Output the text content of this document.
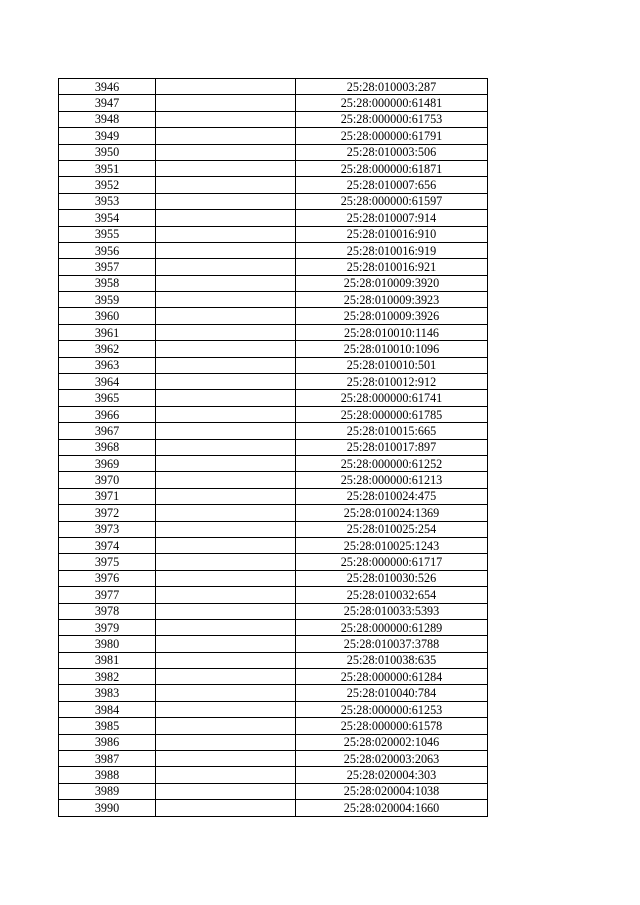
3946		25:28:010003:287
3947		25:28:000000:61481
3948		25:28:000000:61753
3949		25:28:000000:61791
3950		25:28:010003:506
3951		25:28:000000:61871
3952		25:28:010007:656
3953		25:28:000000:61597
3954		25:28:010007:914
3955		25:28:010016:910
3956		25:28:010016:919
3957		25:28:010016:921
3958		25:28:010009:3920
3959		25:28:010009:3923
3960		25:28:010009:3926
3961		25:28:010010:1146
3962		25:28:010010:1096
3963		25:28:010010:501
3964		25:28:010012:912
3965		25:28:000000:61741
3966		25:28:000000:61785
3967		25:28:010015:665
3968		25:28:010017:897
3969		25:28:000000:61252
3970		25:28:000000:61213
3971		25:28:010024:475
3972		25:28:010024:1369
3973		25:28:010025:254
3974		25:28:010025:1243
3975		25:28:000000:61717
3976		25:28:010030:526
3977		25:28:010032:654
3978		25:28:010033:5393
3979		25:28:000000:61289
3980		25:28:010037:3788
3981		25:28:010038:635
3982		25:28:000000:61284
3983		25:28:010040:784
3984		25:28:000000:61253
3985		25:28:000000:61578
3986		25:28:020002:1046
3987		25:28:020003:2063
3988		25:28:020004:303
3989		25:28:020004:1038
3990		25:28:020004:1660
